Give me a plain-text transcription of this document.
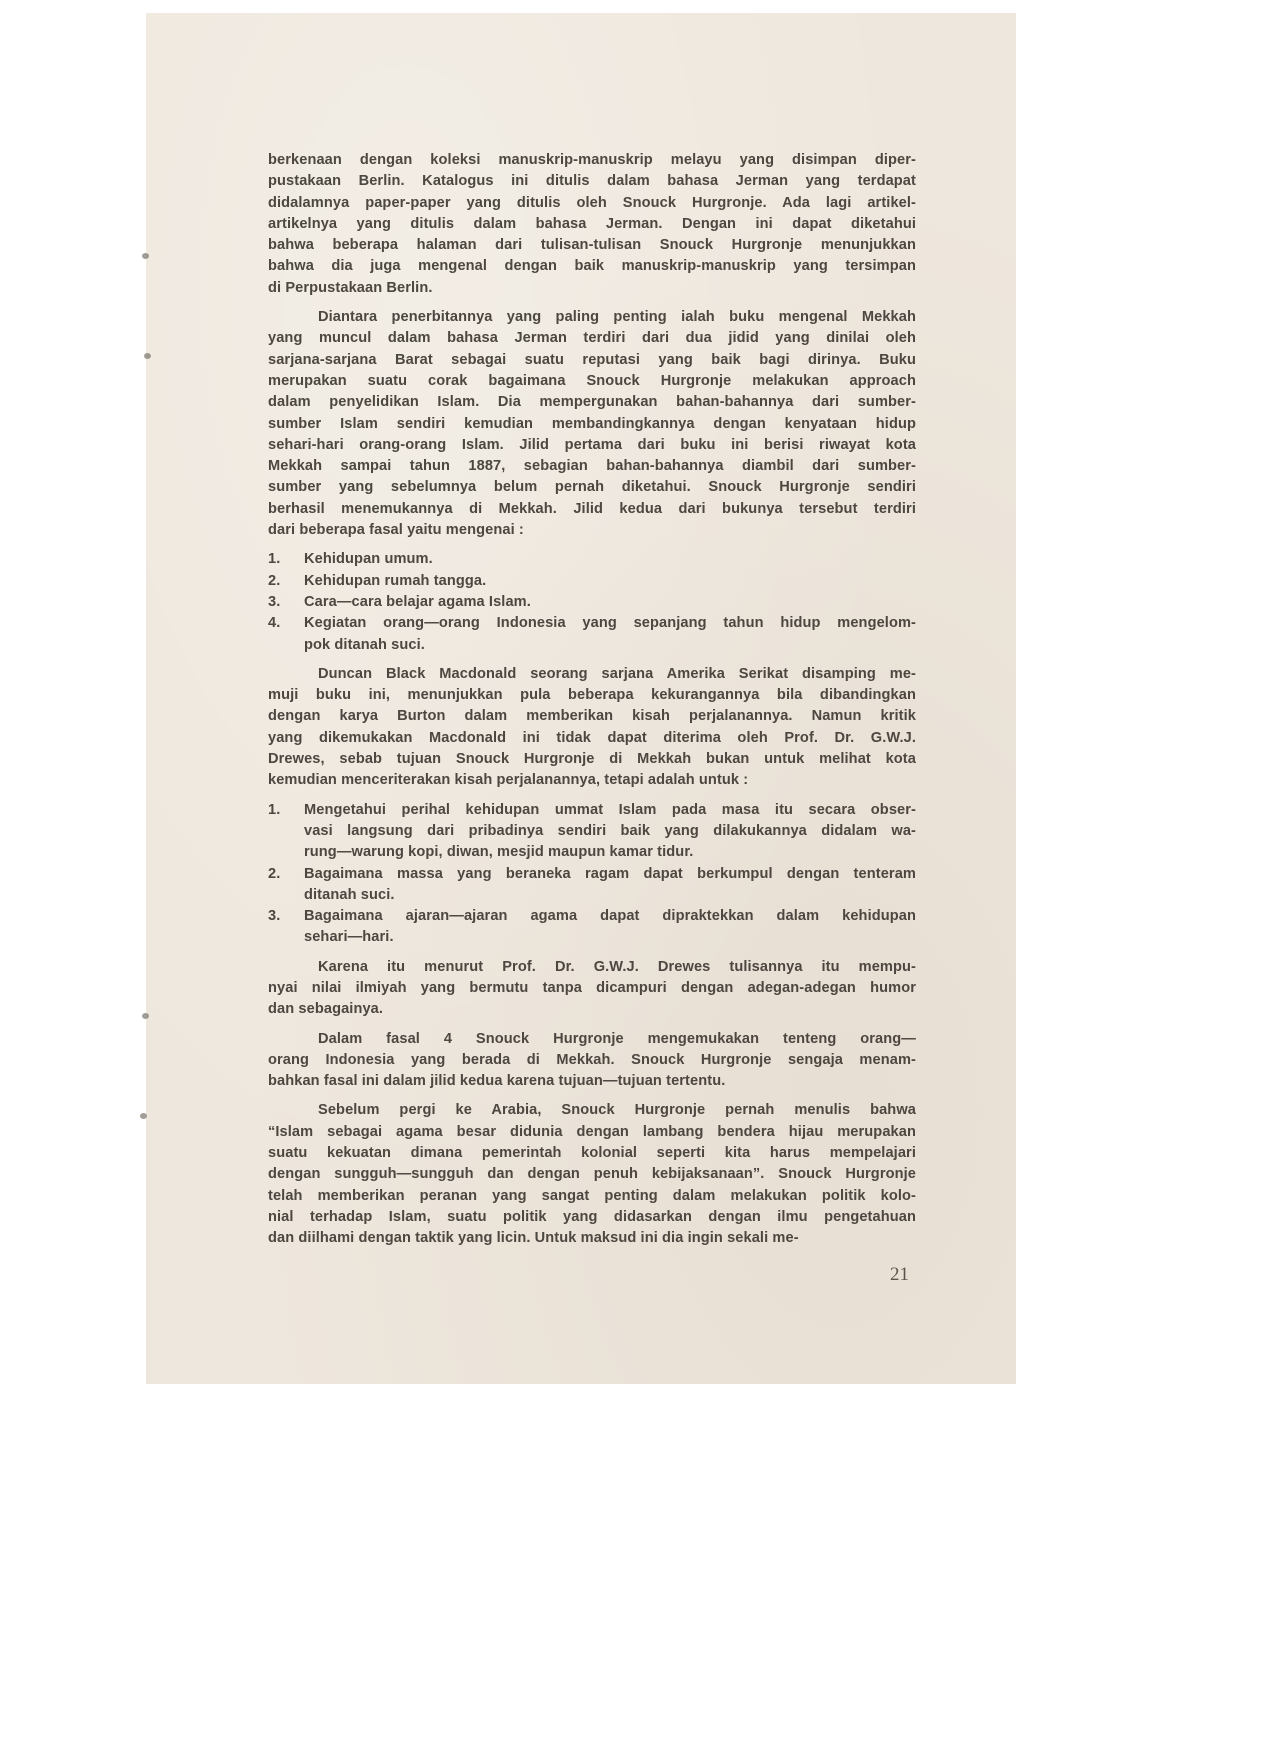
berkenaan dengan koleksi manuskrip-manuskrip melayu yang disimpan diper-
pustakaan Berlin. Katalogus ini ditulis dalam bahasa Jerman yang terdapat
didalamnya paper-paper yang ditulis oleh Snouck Hurgronje. Ada lagi artikel-
artikelnya yang ditulis dalam bahasa Jerman. Dengan ini dapat diketahui
bahwa beberapa halaman dari tulisan-tulisan Snouck Hurgronje menunjukkan
bahwa dia juga mengenal dengan baik manuskrip-manuskrip yang tersimpan
di Perpustakaan Berlin.
Diantara penerbitannya yang paling penting ialah buku mengenal Mekkah
yang muncul dalam bahasa Jerman terdiri dari dua jidid yang dinilai oleh
sarjana-sarjana Barat sebagai suatu reputasi yang baik bagi dirinya. Buku
merupakan suatu corak bagaimana Snouck Hurgronje melakukan approach
dalam penyelidikan Islam. Dia mempergunakan bahan-bahannya dari sumber-
sumber Islam sendiri kemudian membandingkannya dengan kenyataan hidup
sehari-hari orang-orang Islam. Jilid pertama dari buku ini berisi riwayat kota
Mekkah sampai tahun 1887, sebagian bahan-bahannya diambil dari sumber-
sumber yang sebelumnya belum pernah diketahui. Snouck Hurgronje sendiri
berhasil menemukannya di Mekkah. Jilid kedua dari bukunya tersebut terdiri
dari beberapa fasal yaitu mengenai :
1.	Kehidupan umum.
2.	Kehidupan rumah tangga.
3.	Cara—cara belajar agama Islam.
4.	Kegiatan orang—orang Indonesia yang sepanjang tahun hidup mengelom-
pok ditanah suci.
Duncan Black Macdonald seorang sarjana Amerika Serikat disamping me-
muji buku ini, menunjukkan pula beberapa kekurangannya bila dibandingkan
dengan karya Burton dalam memberikan kisah perjalanannya. Namun kritik
yang dikemukakan Macdonald ini tidak dapat diterima oleh Prof. Dr. G.W.J.
Drewes, sebab tujuan Snouck Hurgronje di Mekkah bukan untuk melihat kota
kemudian menceriterakan kisah perjalanannya, tetapi adalah untuk :
1.	Mengetahui perihal kehidupan ummat Islam pada masa itu secara obser-
vasi langsung dari pribadinya sendiri baik yang dilakukannya didalam wa-
rung—warung kopi, diwan, mesjid maupun kamar tidur.
2.	Bagaimana massa yang beraneka ragam dapat berkumpul dengan tenteram
ditanah suci.
3.	Bagaimana ajaran—ajaran agama dapat dipraktekkan dalam kehidupan
sehari—hari.
Karena itu menurut Prof. Dr. G.W.J. Drewes tulisannya itu mempu-
nyai nilai ilmiyah yang bermutu tanpa dicampuri dengan adegan-adegan humor
dan sebagainya.
Dalam fasal 4 Snouck Hurgronje mengemukakan tenteng orang—
orang Indonesia yang berada di Mekkah. Snouck Hurgronje sengaja menam-
bahkan fasal ini dalam jilid kedua karena tujuan—tujuan tertentu.
Sebelum pergi ke Arabia, Snouck Hurgronje pernah menulis bahwa
“Islam sebagai agama besar didunia dengan lambang bendera hijau merupakan
suatu kekuatan dimana pemerintah kolonial seperti kita harus mempelajari
dengan sungguh—sungguh dan dengan penuh kebijaksanaan”. Snouck Hurgronje
telah memberikan peranan yang sangat penting dalam melakukan politik kolo-
nial terhadap Islam, suatu politik yang didasarkan dengan ilmu pengetahuan
dan diilhami dengan taktik yang licin. Untuk maksud ini dia ingin sekali me-
21
